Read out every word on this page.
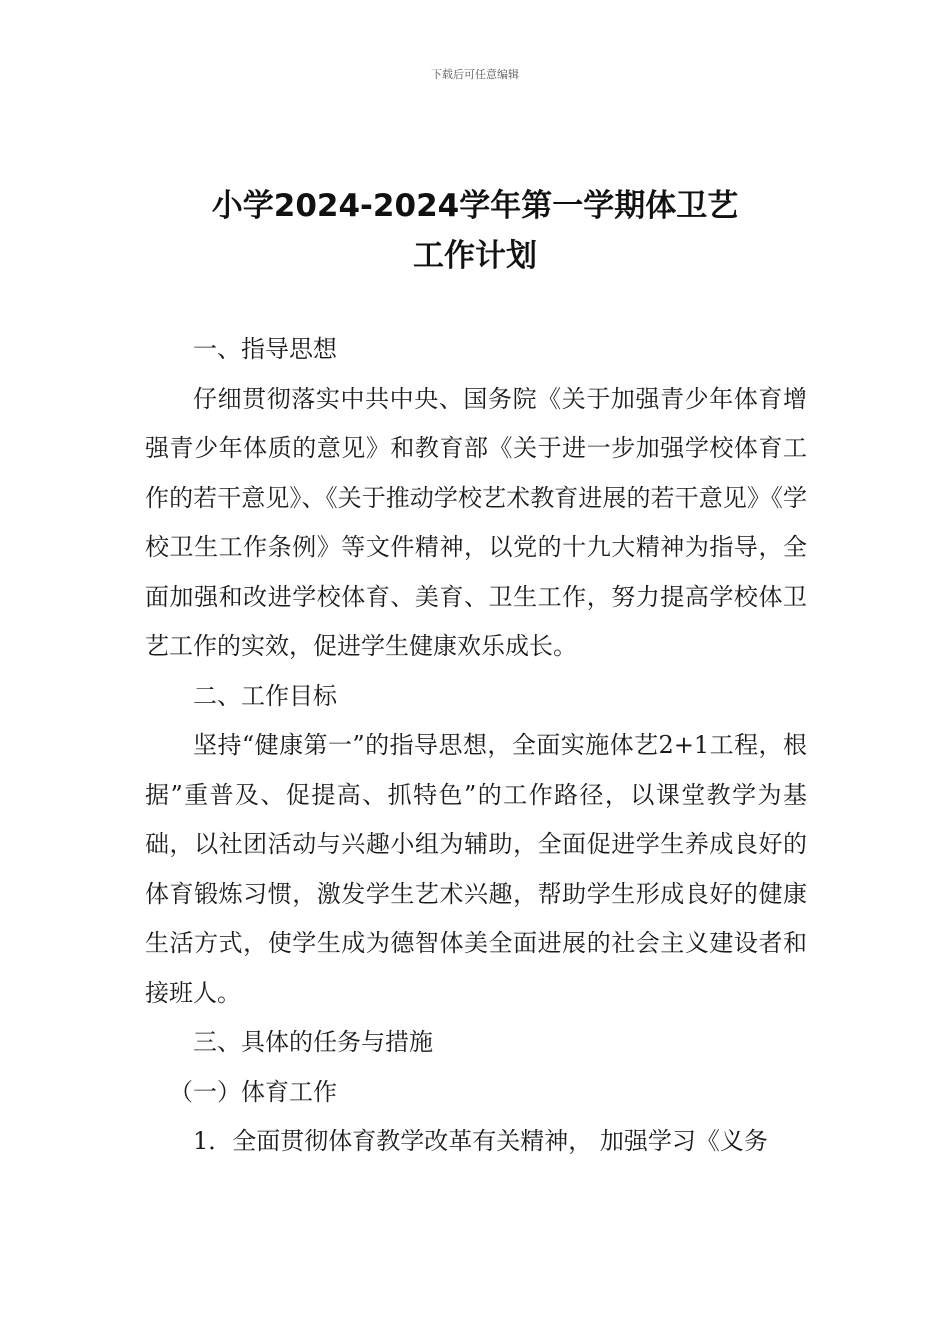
下载后可任意编辑
小学2024-2024学年第一学期体卫艺
工作计划

一、指导思想

仔细贯彻落实中共中央、国务院《关于加强青少年体育增强青少年体质的意见》和教育部《关于进一步加强学校体育工作的若干意见》、《关于推动学校艺术教育进展的若干意见》《学校卫生工作条例》等文件精神，以党的十九大精神为指导，全面加强和改进学校体育、美育、卫生工作，努力提高学校体卫艺工作的实效，促进学生健康欢乐成长。

二、工作目标

坚持“健康第一”的指导思想，全面实施体艺2+1工程，根据”重普及、促提高、抓特色”的工作路径，以课堂教学为基础，以社团活动与兴趣小组为辅助，全面促进学生养成良好的体育锻炼习惯，激发学生艺术兴趣，帮助学生形成良好的健康生活方式，使学生成为德智体美全面进展的社会主义建设者和接班人。

三、具体的任务与措施

（一）体育工作

1．全面贯彻体育教学改革有关精神， 加强学习《义务
